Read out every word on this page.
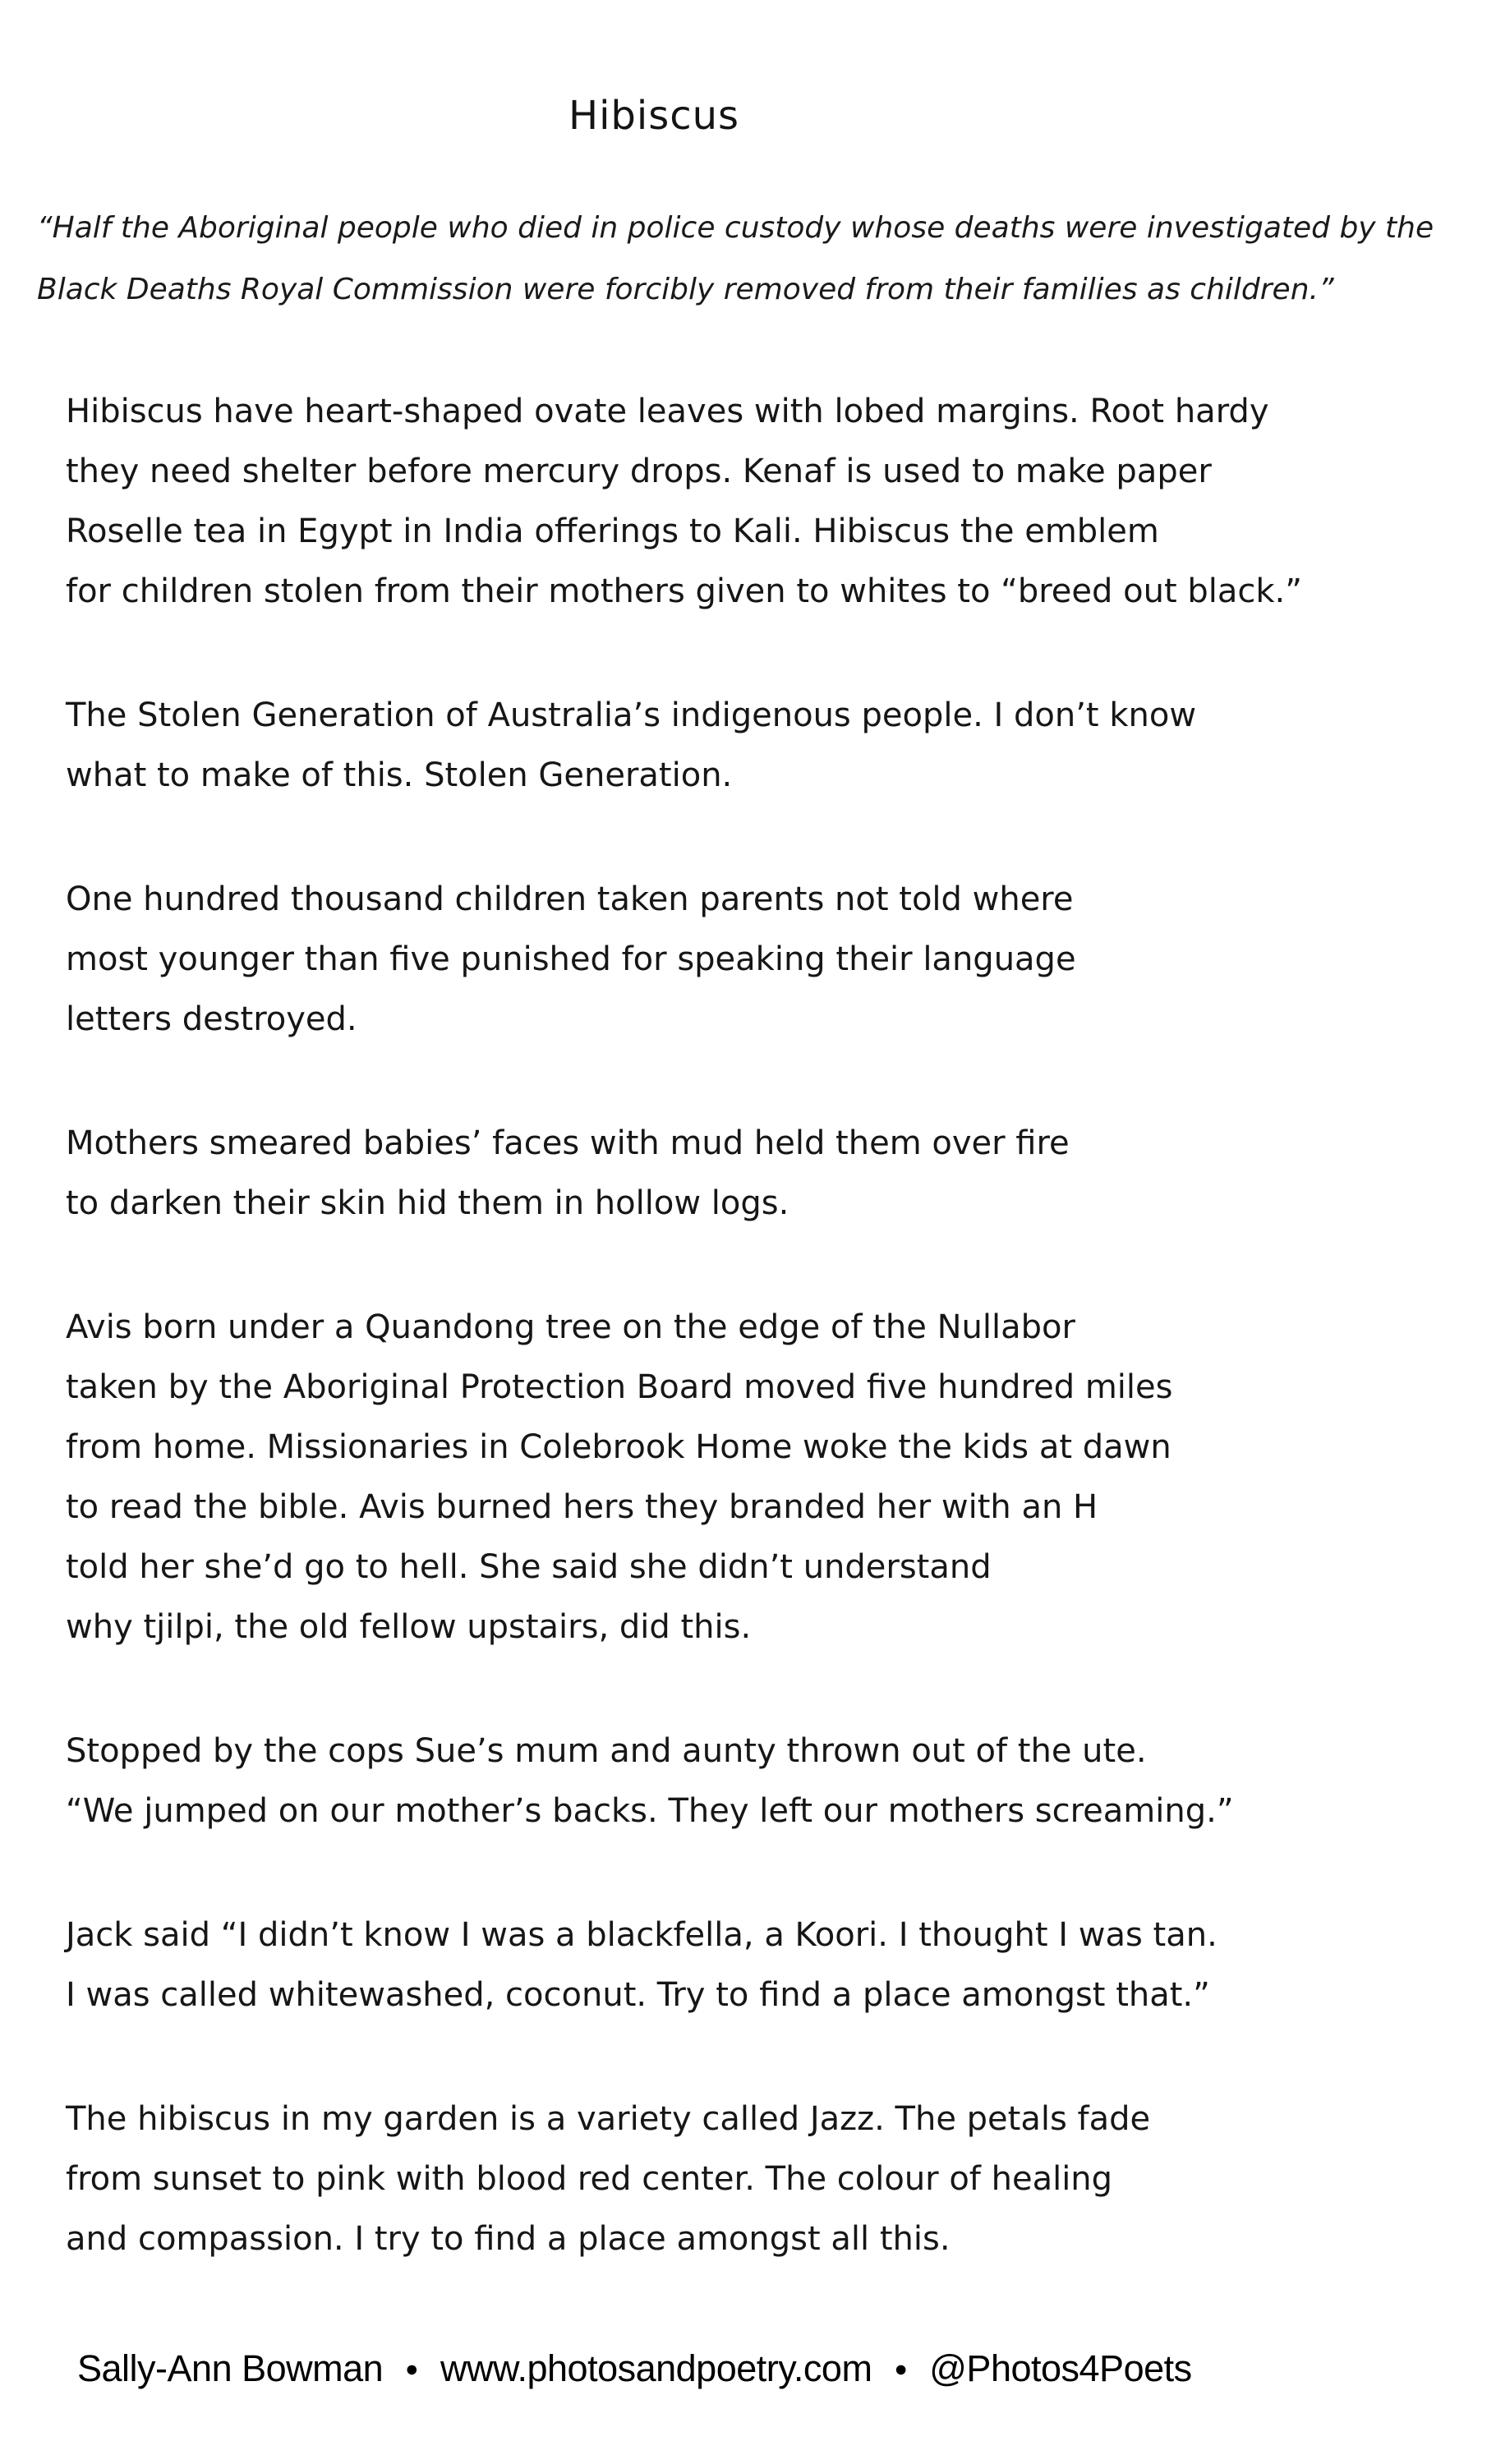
Hibiscus
“Half the Aboriginal people who died in police custody whose deaths were investigated by the
Black Deaths Royal Commission were forcibly removed from their families as children.”
Hibiscus have heart-shaped ovate leaves with lobed margins. Root hardy
they need shelter before mercury drops. Kenaf is used to make paper
Roselle tea in Egypt in India offerings to Kali. Hibiscus the emblem
for children stolen from their mothers given to whites to “breed out black.”
The Stolen Generation of Australia’s indigenous people. I don’t know
what to make of this. Stolen Generation.
One hundred thousand children taken parents not told where
most younger than five punished for speaking their language
letters destroyed.
Mothers smeared babies’ faces with mud held them over fire
to darken their skin hid them in hollow logs.
Avis born under a Quandong tree on the edge of the Nullabor
taken by the Aboriginal Protection Board moved five hundred miles
from home. Missionaries in Colebrook Home woke the kids at dawn
to read the bible. Avis burned hers they branded her with an H
told her she’d go to hell. She said she didn’t understand
why tjilpi, the old fellow upstairs, did this.
Stopped by the cops Sue’s mum and aunty thrown out of the ute.
“We jumped on our mother’s backs. They left our mothers screaming.”
Jack said “I didn’t know I was a blackfella, a Koori. I thought I was tan.
I was called whitewashed, coconut. Try to find a place amongst that.”
The hibiscus in my garden is a variety called Jazz. The petals fade
from sunset to pink with blood red center. The colour of healing
and compassion. I try to find a place amongst all this.
Sally-Ann Bowman ● www.photosandpoetry.com ● @Photos4Poets
